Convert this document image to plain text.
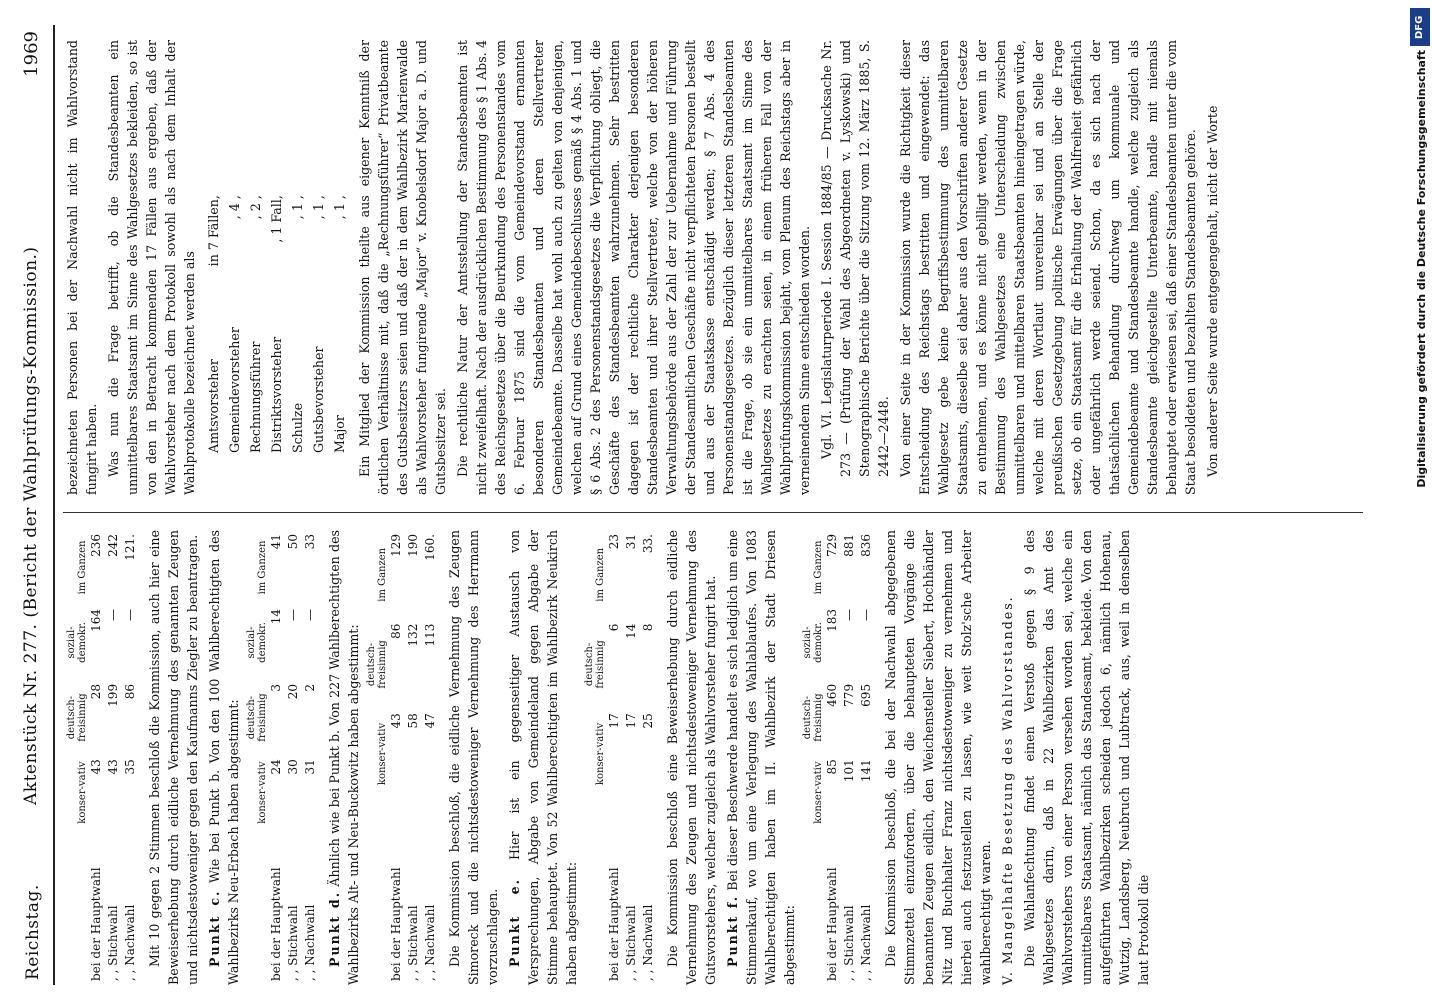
Reichstag.
Aktenstück Nr. 277. (Bericht der Wahlprüfungs-Kommission.)
1969
	konser-vativ	deutsch-freisinnig	sozial-demokr.	im Ganzen
bei der Hauptwahl	43	28	164	236
, , Stichwahl	43	199	—	242
, , Nachwahl	35	86	—	121. Mit 10 gegen 2 Stimmen beschloß die Kommission, auch hier eine Beweiserhebung durch eidliche Vernehmung des genannten Zeugen und nichtsdestoweniger gegen den Kaufmanns Ziegler zu beantragen. Punkt c. Wie bei Punkt b. Von den 100 Wahlberechtigten des Wahlbezirks Neu-Erbach haben abgestimmt:

	konser-vativ	deutsch-freisinnig	sozial-demokr.	im Ganzen
bei der Hauptwahl	24	3	14	41
, , Stichwahl	30	20	—	50
, , Nachwahl	31	2	—	33

Punkt d. Ähnlich wie bei Punkt b. Von 227 Wahlberechtigten des Wahlbezirks Alt- und Neu-Buckowitz haben abgestimmt:

	konser-vativ	deutsch-freisinnig	im Ganzen
bei der Hauptwahl	43	86	129
, , Stichwahl	58	132	190
, , Nachwahl	47	113	160. Die Kommission beschloß, die eidliche Vernehmung des Zeugen Simoreck und die nichtsdestoweniger Vernehmung des Herrmann vorzuschlagen. Punkt e. Hier ist ein gegenseitiger Austausch von Versprechungen, Abgabe von Gemeindeland gegen Abgabe der Stimme behauptet. Von 52 Wahlberechtigten im Wahlbezirk Neukirch haben abgestimmt:

	konser-vativ	deutsch-freisinnig	im Ganzen
bei der Hauptwahl	17	6	23
, , Stichwahl	17	14	31
, , Nachwahl	25	8	33. Die Kommission beschloß eine Beweiserhebung durch eidliche Vernehmung des Zeugen und nichtsdestoweniger Vernehmung des Gutsvorstehers, welcher zugleich als Wahlvorsteher fungirt hat. Punkt f. Bei dieser Beschwerde handelt es sich lediglich um eine Stimmenkauf, wo um eine Verlegung des Wahlablaufes. Von 1083 Wahlberechtigten haben im II. Wahlbezirk der Stadt Driesen abgestimmt:

	konser-vativ	deutsch-freisinnig	sozial-demokr.	im Ganzen
bei der Hauptwahl	85	460	183	729
, , Stichwahl	101	779	—	881
, , Nachwahl	141	695	—	836 Die Kommission beschloß, die bei der Nachwahl abgegebenen Stimmzettel einzufordern, über die behaupteten Vorgänge die benannten Zeugen eidlich, den Weichensteller Siebert, Hochhändler Nitz und Buchhalter Franz nichtsdestoweniger zu vernehmen und hierbei auch festzustellen zu lassen, wie weit Stolz'sche Arbeiter wahlberechtigt waren. V. Mangelhafte Besetzung des Wahlvorstandes. Die Wahlanfechtung findet einen Verstoß gegen § 9 des Wahlgesetzes darin, daß in 22 Wahlbezirken das Amt des Wahlvorstehers von einer Person versehen worden sei, welche ein unmittelbares Staatsamt, nämlich das Standesamt, bekleide. Von den aufgeführten Wahlbezirken scheiden jedoch 6, nämlich Hohenau, Wutzig, Landsberg, Neubruch und Lubtrack, aus, weil in denselben laut Protokoll die

bezeichneten Personen bei der Nachwahl nicht im Wahlvorstand fungirt haben. Was nun die Frage betrifft, ob die Standesbeamten ein unmittelbares Staatsamt im Sinne des Wahlgesetzes bekleiden, so ist von den in Betracht kommenden 17 Fällen aus ergeben, daß der Wahlvorsteher nach dem Protokoll sowohl als nach dem Inhalt der Wahlprotokolle bezeichnet werden als Amtsvorsteher	in 7 Fällen,
Gemeindevorsteher	, 4 ,
Rechnungsführer	, 2 ,
Distriktsvorsteher	, 1 Fall,
Schulze	, 1 ,
Gutsbevorsteher	, 1 ,
Major	, 1 , Ein Mitglied der Kommission theilte aus eigener Kenntniß der örtlichen Verhältnisse mit, daß die „Rechnungsführer“ Privatbeamte des Gutsbesitzers seien und daß der in dem Wahlbezirk Marienwalde als Wahlvorsteher fungirende „Major“ v. Knobelsdorf Major a. D. und Gutsbesitzer sei. Die rechtliche Natur der Amtsstellung der Standesbeamten ist nicht zweifelhaft. Nach der ausdrücklichen Bestimmung des § 1 Abs. 4 des Reichsgesetzes über die Beurkundung des Personenstandes vom 6. Februar 1875 sind die vom Gemeindevorstand ernannten besonderen Standesbeamten und deren Stellvertreter Gemeindebeamte. Dasselbe hat wohl auch zu gelten von denjenigen, welchen auf Grund eines Gemeindebeschlusses gemäß § 4 Abs. 1 und § 6 Abs. 2 des Personenstandsgesetzes die Verpflichtung obliegt, die Geschäfte des Standesbeamten wahrzunehmen. Sehr bestritten dagegen ist der rechtliche Charakter derjenigen besonderen Standesbeamten und ihrer Stellvertreter, welche von der höheren Verwaltungsbehörde aus der Zahl der zur Uebernahme und Führung der Standesamtlichen Geschäfte nicht verpflichteten Personen bestellt und aus der Staatskasse entschädigt werden; § 7 Abs. 4 des Personenstandsgesetzes. Bezüglich dieser letzteren Standesbeamten ist die Frage, ob sie ein unmittelbares Staatsamt im Sinne des Wahlgesetzes zu erachten seien, in einem früheren Fall von der Wahlprüfungskommission bejaht, vom Plenum des Reichstags aber in verneinendem Sinne entschieden worden. Vgl. VI. Legislaturperiode I. Session 1884/85 — Drucksache Nr. 273 — (Prüfung der Wahl des Abgeordneten v. Lyskowski) und Stenographische Berichte über die Sitzung vom 12. März 1885, S. 2442—2448. Von einer Seite in der Kommission wurde die Richtigkeit dieser Entscheidung des Reichstags bestritten und eingewendet: das Wahlgesetz gebe keine Begriffsbestimmung des unmittelbaren Staatsamts, dieselbe sei daher aus den Vorschriften anderer Gesetze zu entnehmen, und es könne nicht gebilligt werden, wenn in der Bestimmung des Wahlgesetzes eine Unterscheidung zwischen unmittelbaren und mittelbaren Staatsbeamten hineingetragen würde, welche mit deren Wortlaut unvereinbar sei und an Stelle der preußischen Gesetzgebung politische Erwägungen über die Frage setze, ob ein Staatsamt für die Erhaltung der Wahlfreiheit gefährlich oder ungefährlich werde seiend. Schon, da es sich nach der thatsächlichen Behandlung durchweg um kommunale und Gemeindebeamte und Standesbeamte handle, welche zugleich als Standesbeamte gleichgestellte Unterbeamte, handle mit niemals behauptet oder erwiesen sei, daß einer Standesbeamten unter die vom Staat besoldeten und bezahlten Standesbeamten gehöre. Von anderer Seite wurde entgegengehalt, nicht der Worte

DFG
Digitalisierung gefördert durch die Deutsche Forschungsgemeinschaft
